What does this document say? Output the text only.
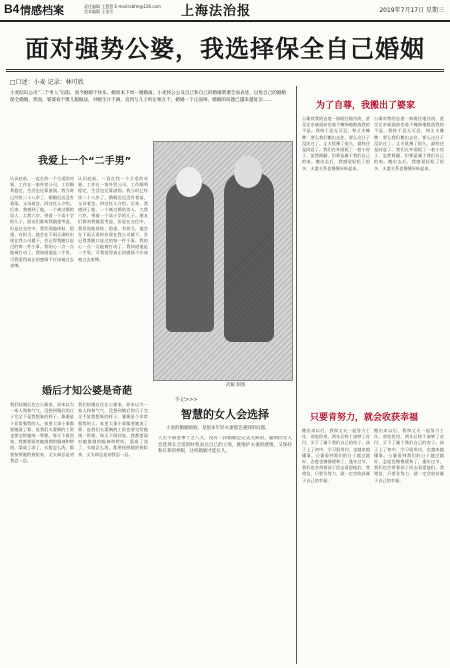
B4 情感档案	责任编辑 王慧慧 E-mail:lsbfm@126.com 美术编辑 王金岳	上海法治报	2019年7月17日 星期三
面对强势公婆，我选择保全自己婚姻
□口述：小麦 记录：林可欣
小麦结识公司“二个男人”后陷，而今婚姻不快乐，她原本下周一婚婚离，小麦将公公及自己和自己的婚婚谐谐全面表述，以免自己的婚婚保全婚婚，然而，婆婆看不惯儿媳做法，对她生计不满，直到与儿子约定相互不，婚婚一个正面辩，婚婚的问题已越来越复杂……
我爱上一个“二手男”
认识赵前，一直在找一个合适的对象，工作在一家外贸公司，工作顺利稳定，生活也还算滋润。我当时已经快二十八岁了，婚姻迟迟没有着落，父母着急，四处托人介绍。后来，我遇到了他，一个离过婚的男人，大我六岁，带着一个读小学的儿子。朋友们都劝我慎重考虑，但是在交往中，我发现他体贴、稳重、有担当，他会在下雨天准时出现在我公司楼下，会记得我随口说过的每一件小事。我的心一点一点地被打动了。我知道他是二手男，可我觉得真正的感情不应该被过去束缚。
认识赵前，一直在找一个合适的对象，工作在一家外贸公司，工作顺利稳定，生活也还算滋润。我当时已经快二十八岁了，婚姻迟迟没有着落，父母着急，四处托人介绍。后来，我遇到了他，一个离过婚的男人，大我六岁，带着一个读小学的儿子。朋友们都劝我慎重考虑，但是在交往中，我发现他体贴、稳重、有担当，他会在下雨天准时出现在我公司楼下，会记得我随口说过的每一件小事。我的心一点一点地被打动了。我知道他是二手男，可我觉得真正的感情不应该被过去束缚。
婚后才知公婆是奇葩
我们结婚后住在公婆家，原本以为一家人和和气气，没想到婚后的日子完全不是我想象的样子。婆婆是个非常强势的人，家里大事小事都要她说了算，连我们夫妻俩的工资也要交给她统一管理。每天下班回家，我都要面对她挑剔的眼神和唠叨，菜咸了淡了，衣服怎么洗，都要按照她的规矩来，丈夫却总是劝我忍一忍。
我们结婚后住在公婆家，原本以为一家人和和气气，没想到婚后的日子完全不是我想象的样子。婆婆是个非常强势的人，家里大事小事都要她说了算，连我们夫妻俩的工资也要交给她统一管理。每天下班回家，我都要面对她挑剔的眼神和唠叨，菜咸了淡了，衣服怎么洗，都要按照她的规矩来，丈夫却总是劝我忍一忍。
武鲸 制图
手记>>>
智慧的女人会选择
小麦的婚姻烦恼，是很多年轻夫妻都会遇到的问题。
人生不如意事十之八九，没有一段婚姻是完美无缺的。聪明的女人会选择在合适的时机表达自己的立场，既维护夫妻的感情，又保持和长辈的界限，这样婚姻才能长久。
为了自尊，我搬出了婆家
公婆对我的态度一如既往地冷淡，甚至在亲戚面前也毫不掩饰地数落我的不是。我终于忍无可忍，和丈夫摊牌：要么我们搬出去住，要么这日子没法过了。丈夫犹豫了很久，最终还是同意了。我们在外面租了一套小房子，虽然简陋，但那是属于我们自己的家。搬出去后，我感觉轻松了很多，夫妻关系也慢慢好转起来。
公婆对我的态度一如既往地冷淡，甚至在亲戚面前也毫不掩饰地数落我的不是。我终于忍无可忍，和丈夫摊牌：要么我们搬出去住，要么这日子没法过了。丈夫犹豫了很久，最终还是同意了。我们在外面租了一套小房子，虽然简陋，但那是属于我们自己的家。搬出去后，我感觉轻松了很多，夫妻关系也慢慢好转起来。
只要肯努力，就会收获幸福
搬出来以后，我和丈夫一起努力工作，省吃俭用，两年后终于凑够了首付，买下了属于我们自己的房子。孩子上了初中，学习很用功，也越来越懂事。公婆看到我们的日子越过越好，态度也慢慢缓和了，逢年过节，我们也会带着孩子回去看望他们。我相信，只要肯努力，就一定会收获属于自己的幸福。
搬出来以后，我和丈夫一起努力工作，省吃俭用，两年后终于凑够了首付，买下了属于我们自己的房子。孩子上了初中，学习很用功，也越来越懂事。公婆看到我们的日子越过越好，态度也慢慢缓和了，逢年过节，我们也会带着孩子回去看望他们。我相信，只要肯努力，就一定会收获属于自己的幸福。
